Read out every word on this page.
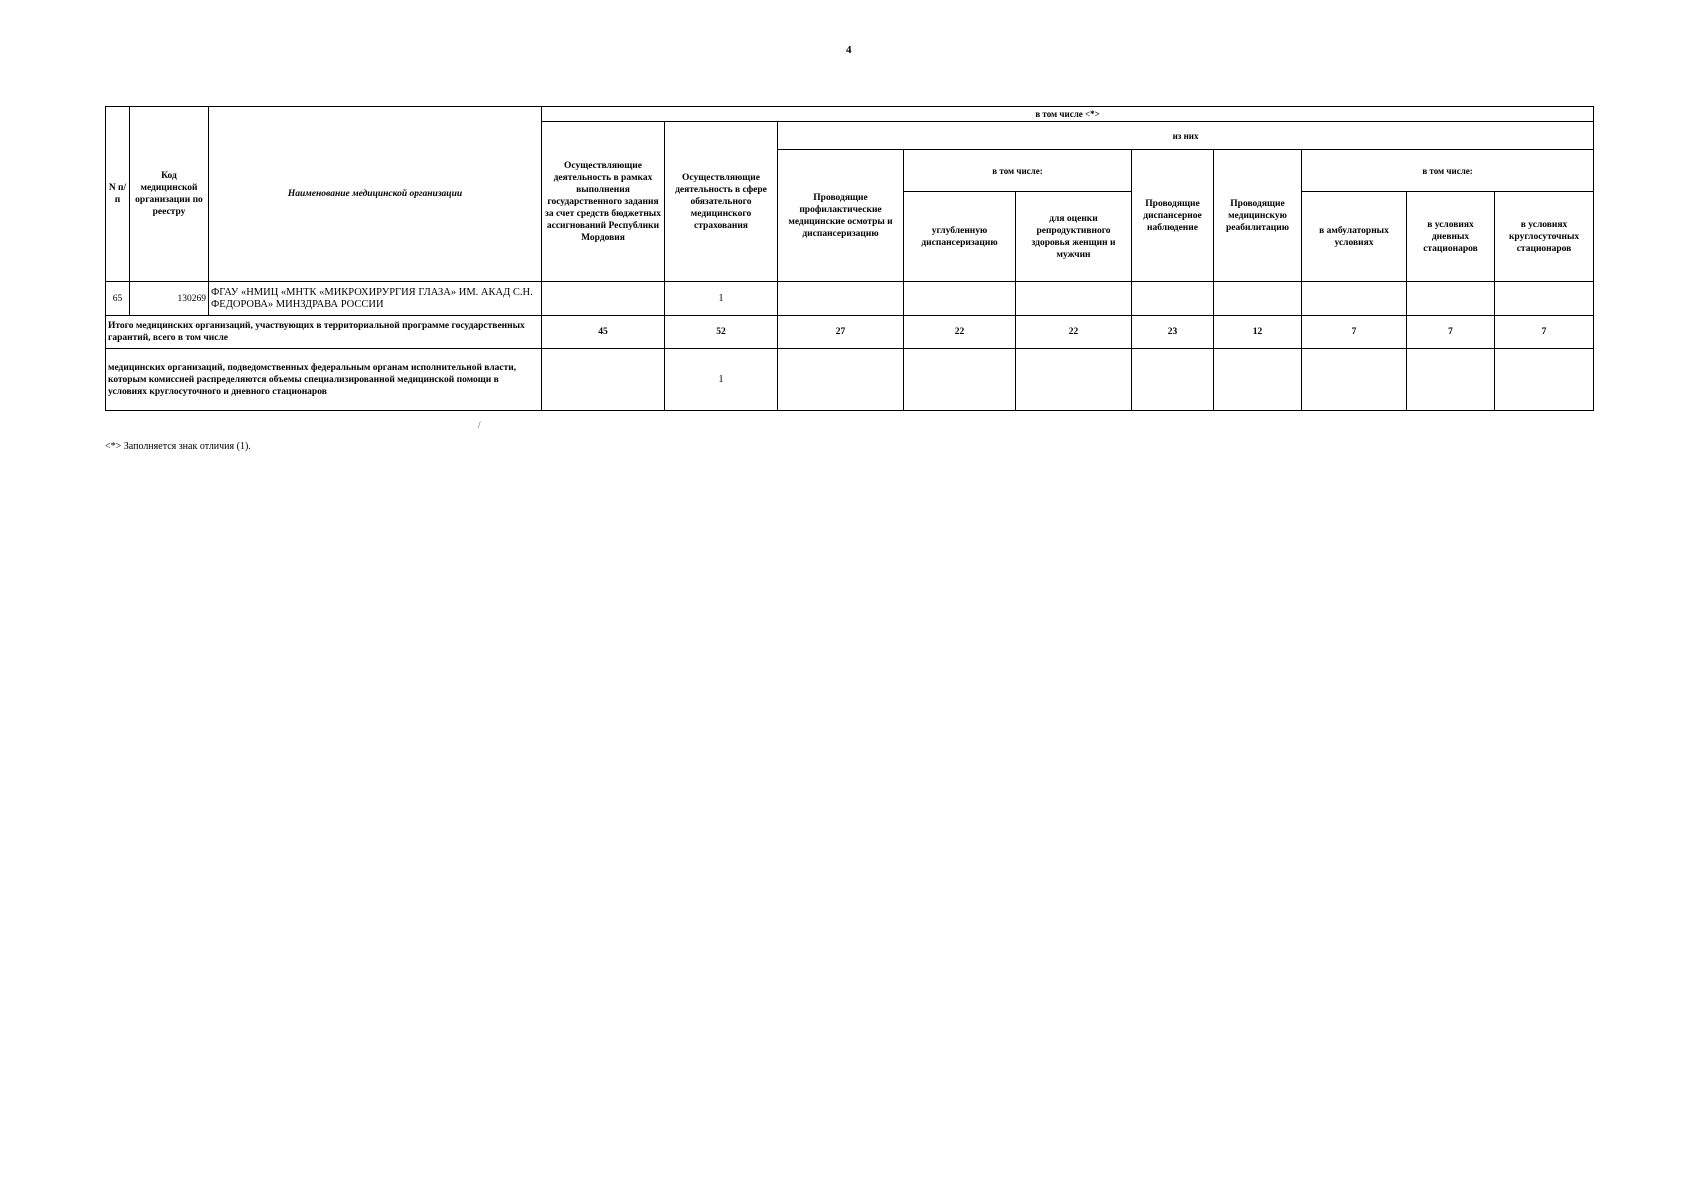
4
N п/п	Код медицинской организации по реестру	Наименование медицинской организации	в том числе <*>									
			Осуществляющие деятельность в рамках выполнения государственного задания за счет средств бюджетных ассигнований Республики Мордовия	Осуществляющие деятельность в сфере обязательного медицинского страхования	из них							
					Проводящие профилактические медицинские осмотры и диспансеризацию	в том числе:		Проводящие диспансерное наблюдение	Проводящие медицинскую реабилитацию	в том числе:		
						углубленную диспансеризацию	для оценки репродуктивного здоровья женщин и мужчин			в амбулаторных условиях	в условиях дневных стационаров	в условиях круглосуточных стационаров
65	130269	ФГАУ «НМИЦ «МНТК «МИКРОХИРУРГИЯ ГЛАЗА» ИМ. АКАД С.Н. ФЕДОРОВА» МИНЗДРАВА РОССИИ		1								
Итого медицинских организаций, участвующих в территориальной программе государственных гарантий, всего в том числе			45	52	27	22	22	23	12	7	7	7
медицинских организаций, подведомственных федеральным органам исполнительной власти, которым комиссией распределяются объемы специализированной медицинской помощи в условиях круглосуточного и дневного стационаров				1								
/
<*> Заполняется знак отличия (1).
